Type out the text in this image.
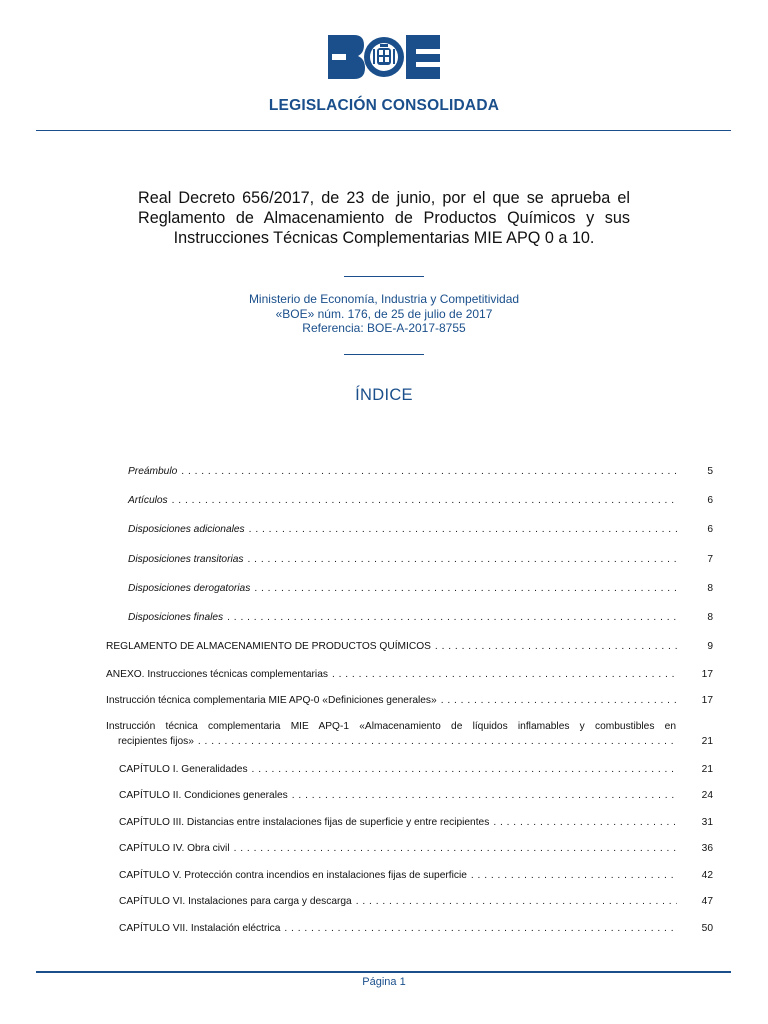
LEGISLACIÓN CONSOLIDADA
Real Decreto 656/2017, de 23 de junio, por el que se aprueba el Reglamento de Almacenamiento de Productos Químicos y sus Instrucciones Técnicas Complementarias MIE APQ 0 a 10.
Ministerio de Economía, Industria y Competitividad
«BOE» núm. 176, de 25 de julio de 2017
Referencia: BOE-A-2017-8755
ÍNDICE
Preámbulo . . .	5
Artículos . . .	6
Disposiciones adicionales . . .	6
Disposiciones transitorias . . .	7
Disposiciones derogatorias . . .	8
Disposiciones finales . . .	8
REGLAMENTO DE ALMACENAMIENTO DE PRODUCTOS QUÍMICOS . . .	9
ANEXO. Instrucciones técnicas complementarias . . .	17
Instrucción técnica complementaria MIE APQ-0 «Definiciones generales» . . .	17
Instrucción técnica complementaria MIE APQ-1 «Almacenamiento de líquidos inflamables y combustibles en
recipientes fijos» . . .	21
CAPÍTULO I. Generalidades . . .	21
CAPÍTULO II. Condiciones generales . . .	24
CAPÍTULO III. Distancias entre instalaciones fijas de superficie y entre recipientes . . .	31
CAPÍTULO IV. Obra civil . . .	36
CAPÍTULO V. Protección contra incendios en instalaciones fijas de superficie . . .	42
CAPÍTULO VI. Instalaciones para carga y descarga . . .	47
CAPÍTULO VII. Instalación eléctrica . . .	50
Página 1
